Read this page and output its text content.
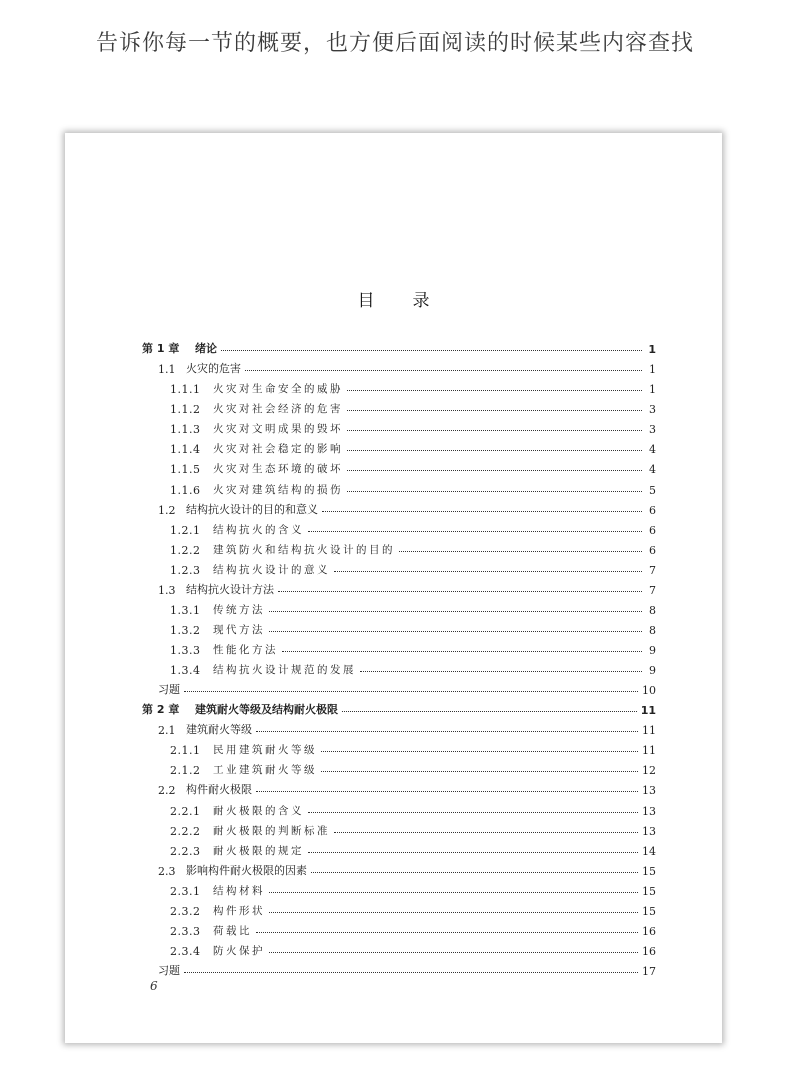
告诉你每一节的概要，也方便后面阅读的时候某些内容查找
目 录
第 1 章	绪论	1
1.1 火灾的危害	1
1.1.1	火灾对生命安全的威胁	1
1.1.2	火灾对社会经济的危害	3
1.1.3	火灾对文明成果的毁坏	3
1.1.4	火灾对社会稳定的影响	4
1.1.5	火灾对生态环境的破坏	4
1.1.6	火灾对建筑结构的损伤	5
1.2 结构抗火设计的目的和意义	6
1.2.1	结构抗火的含义	6
1.2.2	建筑防火和结构抗火设计的目的	6
1.2.3	结构抗火设计的意义	7
1.3 结构抗火设计方法	7
1.3.1	传统方法	8
1.3.2	现代方法	8
1.3.3	性能化方法	9
1.3.4	结构抗火设计规范的发展	9
习题	10
第 2 章	建筑耐火等级及结构耐火极限	11
2.1 建筑耐火等级	11
2.1.1	民用建筑耐火等级	11
2.1.2	工业建筑耐火等级	12
2.2 构件耐火极限	13
2.2.1	耐火极限的含义	13
2.2.2	耐火极限的判断标准	13
2.2.3	耐火极限的规定	14
2.3 影响构件耐火极限的因素	15
2.3.1	结构材料	15
2.3.2	构件形状	15
2.3.3	荷载比	16
2.3.4	防火保护	16
习题	17
6
